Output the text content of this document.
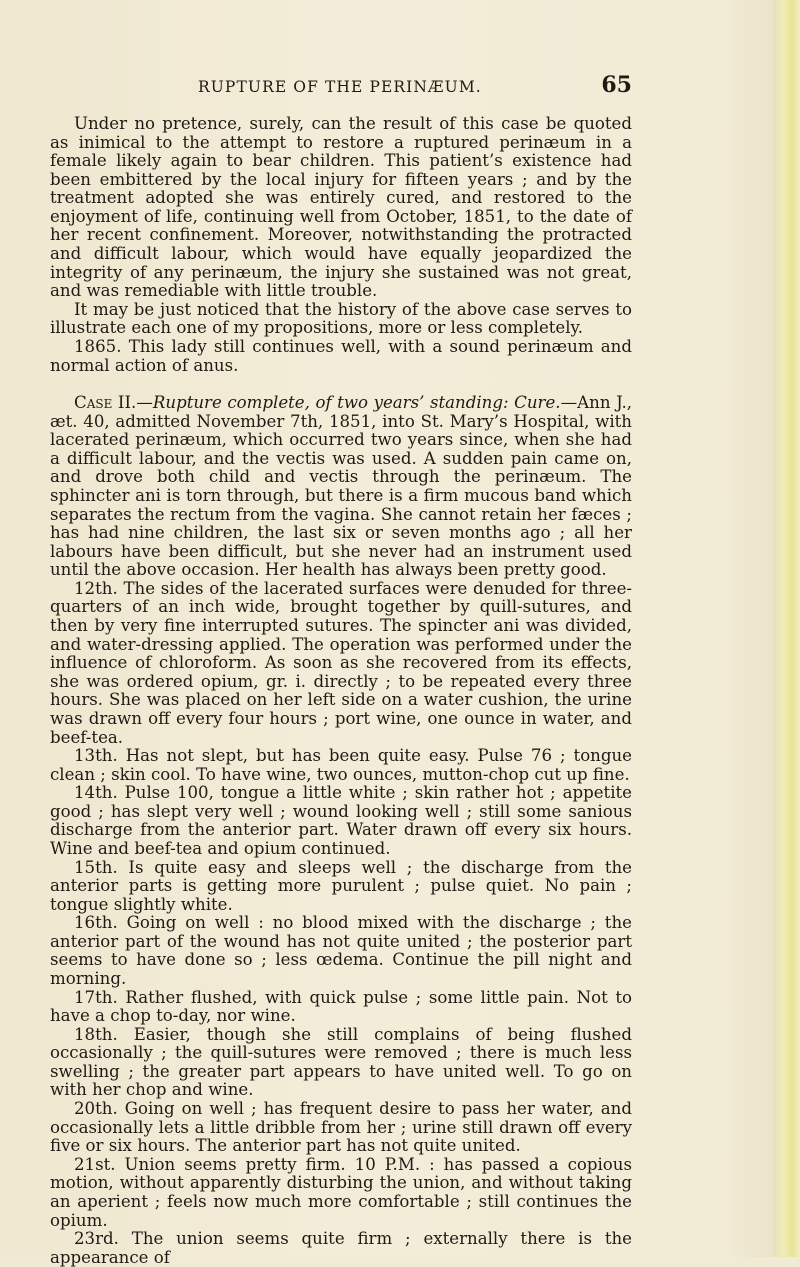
RUPTURE OF THE PERINÆUM.	65

Under no pretence, surely, can the result of this case be quoted as inimical to the attempt to restore a ruptured perinæum in a female likely again to bear children. This patient’s existence had been embittered by the local injury for fifteen years ; and by the treatment adopted she was entirely cured, and restored to the enjoyment of life, continuing well from October, 1851, to the date of her recent confinement. Moreover, notwithstanding the protracted and difficult labour, which would have equally jeopardized the integrity of any perinæum, the injury she sustained was not great, and was remediable with little trouble.

It may be just noticed that the history of the above case serves to illustrate each one of my propositions, more or less completely.

1865. This lady still continues well, with a sound perinæum and normal action of anus.

Case II.—Rupture complete, of two years’ standing: Cure.—Ann J., æt. 40, admitted November 7th, 1851, into St. Mary’s Hospital, with lacerated perinæum, which occurred two years since, when she had a difficult labour, and the vectis was used. A sudden pain came on, and drove both child and vectis through the perinæum. The sphincter ani is torn through, but there is a firm mucous band which separates the rectum from the vagina. She cannot retain her fæces ; has had nine children, the last six or seven months ago ; all her labours have been difficult, but she never had an instrument used until the above occasion. Her health has always been pretty good.

12th. The sides of the lacerated surfaces were denuded for three-quarters of an inch wide, brought together by quill-sutures, and then by very fine interrupted sutures. The spincter ani was divided, and water-dressing applied. The operation was performed under the influence of chloroform. As soon as she recovered from its effects, she was ordered opium, gr. i. directly ; to be repeated every three hours. She was placed on her left side on a water cushion, the urine was drawn off every four hours ; port wine, one ounce in water, and beef-tea.

13th. Has not slept, but has been quite easy. Pulse 76 ; tongue clean ; skin cool. To have wine, two ounces, mutton-chop cut up fine.

14th. Pulse 100, tongue a little white ; skin rather hot ; appetite good ; has slept very well ; wound looking well ; still some sanious discharge from the anterior part. Water drawn off every six hours. Wine and beef-tea and opium continued.

15th. Is quite easy and sleeps well ; the discharge from the anterior parts is getting more purulent ; pulse quiet. No pain ; tongue slightly white.

16th. Going on well : no blood mixed with the discharge ; the anterior part of the wound has not quite united ; the posterior part seems to have done so ; less œdema. Continue the pill night and morning.

17th. Rather flushed, with quick pulse ; some little pain. Not to have a chop to-day, nor wine.

18th. Easier, though she still complains of being flushed occasionally ; the quill-sutures were removed ; there is much less swelling ; the greater part appears to have united well. To go on with her chop and wine.

20th. Going on well ; has frequent desire to pass her water, and occasionally lets a little dribble from her ; urine still drawn off every five or six hours. The anterior part has not quite united.

21st. Union seems pretty firm. 10 P.M. : has passed a copious motion, without apparently disturbing the union, and without taking an aperient ; feels now much more comfortable ; still continues the opium.

23rd. The union seems quite firm ; externally there is the appearance of
